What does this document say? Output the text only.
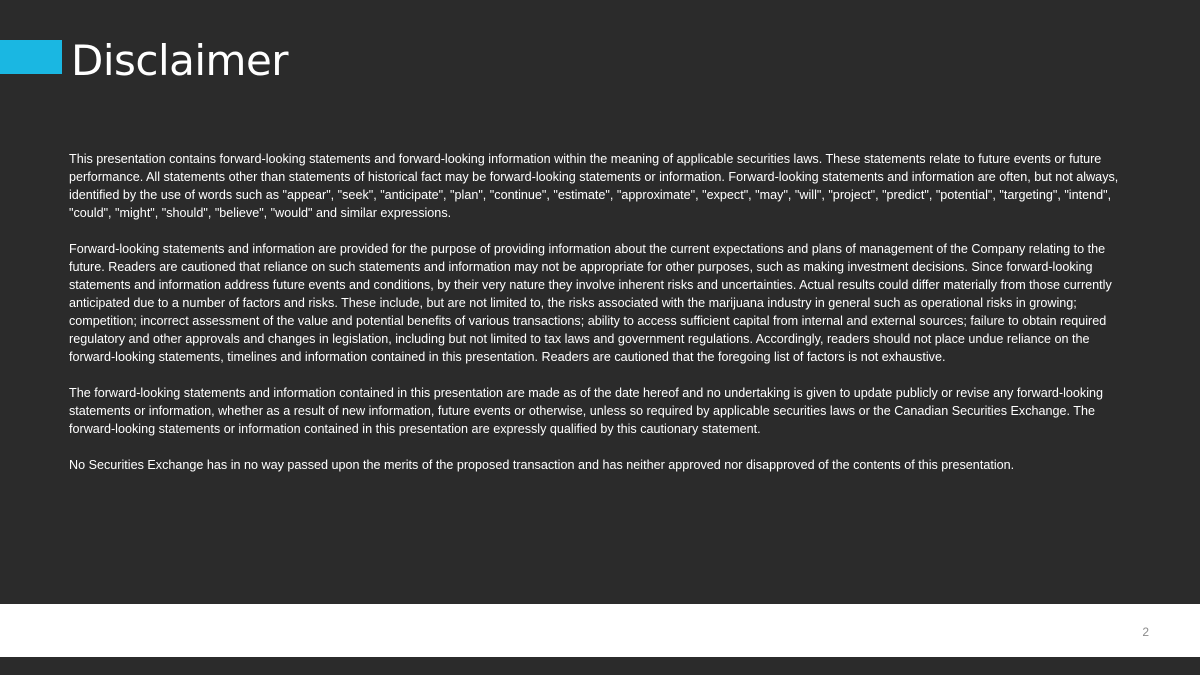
Disclaimer

This presentation contains forward-looking statements and forward-looking information within the meaning of applicable securities laws. These statements relate to future events or future performance. All statements other than statements of historical fact may be forward-looking statements or information. Forward-looking statements and information are often, but not always, identified by the use of words such as "appear", "seek", "anticipate", "plan", "continue", "estimate", "approximate", "expect", "may", "will", "project", "predict", "potential", "targeting", "intend", "could", "might", "should", "believe", "would" and similar expressions.

Forward-looking statements and information are provided for the purpose of providing information about the current expectations and plans of management of the Company relating to the future. Readers are cautioned that reliance on such statements and information may not be appropriate for other purposes, such as making investment decisions. Since forward-looking statements and information address future events and conditions, by their very nature they involve inherent risks and uncertainties. Actual results could differ materially from those currently anticipated due to a number of factors and risks. These include, but are not limited to, the risks associated with the marijuana industry in general such as operational risks in growing; competition; incorrect assessment of the value and potential benefits of various transactions; ability to access sufficient capital from internal and external sources; failure to obtain required regulatory and other approvals and changes in legislation, including but not limited to tax laws and government regulations. Accordingly, readers should not place undue reliance on the forward-looking statements, timelines and information contained in this presentation. Readers are cautioned that the foregoing list of factors is not exhaustive.

The forward-looking statements and information contained in this presentation are made as of the date hereof and no undertaking is given to update publicly or revise any forward-looking statements or information, whether as a result of new information, future events or otherwise, unless so required by applicable securities laws or the Canadian Securities Exchange. The forward-looking statements or information contained in this presentation are expressly qualified by this cautionary statement.

No Securities Exchange has in no way passed upon the merits of the proposed transaction and has neither approved nor disapproved of the contents of this presentation.

2
